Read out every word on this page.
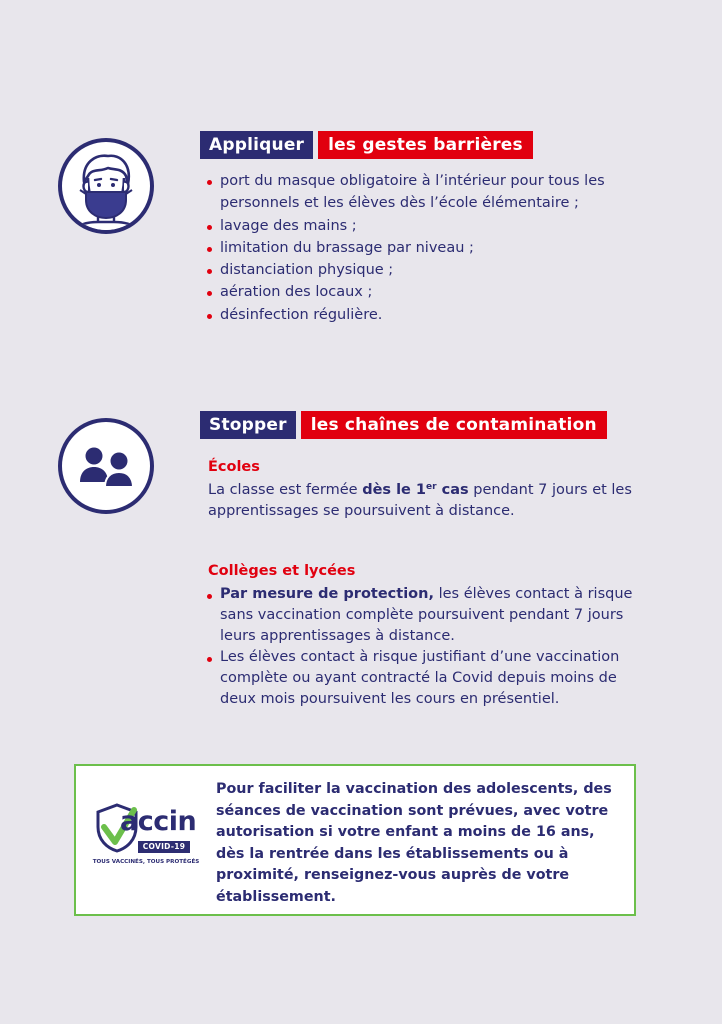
Appliquer	les gestes barrières
port du masque obligatoire à l’intérieur pour tous les personnels et les élèves dès l’école élémentaire ;
lavage des mains ;
limitation du brassage par niveau ;
distanciation physique ;
aération des locaux ;
désinfection régulière.
Stopper	les chaînes de contamination
Écoles

La classe est fermée dès le 1er cas pendant 7 jours et les apprentissages se poursuivent à distance.

Collèges et lycées
Par mesure de protection, les élèves contact à risque sans vaccination complète poursuivent pendant 7 jours leurs apprentissages à distance.
Les élèves contact à risque justifiant d’une vaccination complète ou ayant contracté la Covid depuis moins de deux mois poursuivent les cours en présentiel.
accin
COVID-19
TOUS VACCINÉS, TOUS PROTÉGÉS

Pour faciliter la vaccination des adolescents, des séances de vaccination sont prévues, avec votre autorisation si votre enfant a moins de 16 ans, dès la rentrée dans les établissements ou à proximité, renseignez-vous auprès de votre établissement.
